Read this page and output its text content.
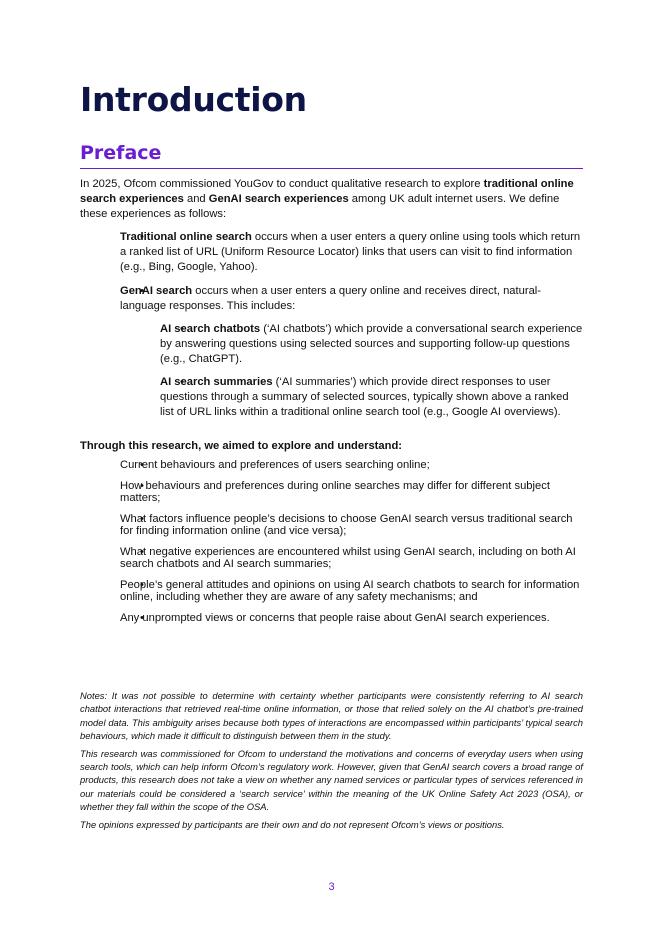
Introduction
Preface

In 2025, Ofcom commissioned YouGov to conduct qualitative research to explore traditional online search experiences and GenAI search experiences among UK adult internet users. We define these experiences as follows:

• Traditional online search occurs when a user enters a query online using tools which return a ranked list of URL (Uniform Resource Locator) links that users can visit to find information (e.g., Bing, Google, Yahoo).
• GenAI search occurs when a user enters a query online and receives direct, natural-language responses. This includes:
• AI search chatbots (‘AI chatbots’) which provide a conversational search experience by answering questions using selected sources and supporting follow-up questions (e.g., ChatGPT).
• AI search summaries (‘AI summaries’) which provide direct responses to user questions through a summary of selected sources, typically shown above a ranked list of URL links within a traditional online search tool (e.g., Google AI overviews).

Through this research, we aimed to explore and understand:

• Current behaviours and preferences of users searching online;
• How behaviours and preferences during online searches may differ for different subject matters;
• What factors influence people’s decisions to choose GenAI search versus traditional search for finding information online (and vice versa);
• What negative experiences are encountered whilst using GenAI search, including on both AI search chatbots and AI search summaries;
• People’s general attitudes and opinions on using AI search chatbots to search for information online, including whether they are aware of any safety mechanisms; and
• Any unprompted views or concerns that people raise about GenAI search experiences.

Notes: It was not possible to determine with certainty whether participants were consistently referring to AI search chatbot interactions that retrieved real-time online information, or those that relied solely on the AI chatbot’s pre-trained model data. This ambiguity arises because both types of interactions are encompassed within participants’ typical search behaviours, which made it difficult to distinguish between them in the study.

This research was commissioned for Ofcom to understand the motivations and concerns of everyday users when using search tools, which can help inform Ofcom’s regulatory work. However, given that GenAI search covers a broad range of products, this research does not take a view on whether any named services or particular types of services referenced in our materials could be considered a ‘search service’ within the meaning of the UK Online Safety Act 2023 (OSA), or whether they fall within the scope of the OSA.

The opinions expressed by participants are their own and do not represent Ofcom’s views or positions.

3
